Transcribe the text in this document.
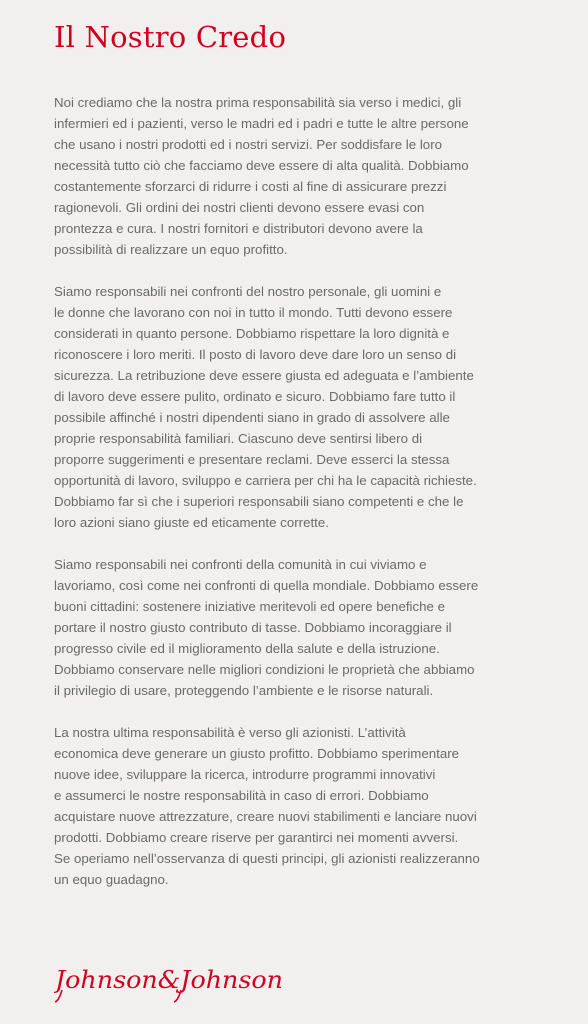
Il Nostro Credo

Noi crediamo che la nostra prima responsabilità sia verso i medici, gli
infermieri ed i pazienti, verso le madri ed i padri e tutte le altre persone
che usano i nostri prodotti ed i nostri servizi. Per soddisfare le loro
necessità tutto ciò che facciamo deve essere di alta qualità. Dobbiamo
costantemente sforzarci di ridurre i costi al fine di assicurare prezzi
ragionevoli. Gli ordini dei nostri clienti devono essere evasi con
prontezza e cura. I nostri fornitori e distributori devono avere la
possibilità di realizzare un equo profitto.

Siamo responsabili nei confronti del nostro personale, gli uomini e
le donne che lavorano con noi in tutto il mondo. Tutti devono essere
considerati in quanto persone. Dobbiamo rispettare la loro dignità e
riconoscere i loro meriti. Il posto di lavoro deve dare loro un senso di
sicurezza. La retribuzione deve essere giusta ed adeguata e l’ambiente
di lavoro deve essere pulito, ordinato e sicuro. Dobbiamo fare tutto il
possibile affinché i nostri dipendenti siano in grado di assolvere alle
proprie responsabilità familiari. Ciascuno deve sentirsi libero di
proporre suggerimenti e presentare reclami. Deve esserci la stessa
opportunità di lavoro, sviluppo e carriera per chi ha le capacità richieste.
Dobbiamo far sì che i superiori responsabili siano competenti e che le
loro azioni siano giuste ed eticamente corrette.

Siamo responsabili nei confronti della comunità in cui viviamo e
lavoriamo, così come nei confronti di quella mondiale. Dobbiamo essere
buoni cittadini: sostenere iniziative meritevoli ed opere benefiche e
portare il nostro giusto contributo di tasse. Dobbiamo incoraggiare il
progresso civile ed il miglioramento della salute e della istruzione.
Dobbiamo conservare nelle migliori condizioni le proprietà che abbiamo
il privilegio di usare, proteggendo l’ambiente e le risorse naturali.

La nostra ultima responsabilità è verso gli azionisti. L’attività
economica deve generare un giusto profitto. Dobbiamo sperimentare
nuove idee, sviluppare la ricerca, introdurre programmi innovativi
e assumerci le nostre responsabilità in caso di errori. Dobbiamo
acquistare nuove attrezzature, creare nuovi stabilimenti e lanciare nuovi
prodotti. Dobbiamo creare riserve per garantirci nei momenti avversi.
Se operiamo nell’osservanza di questi principi, gli azionisti realizzeranno
un equo guadagno.

Johnson&Johnson
